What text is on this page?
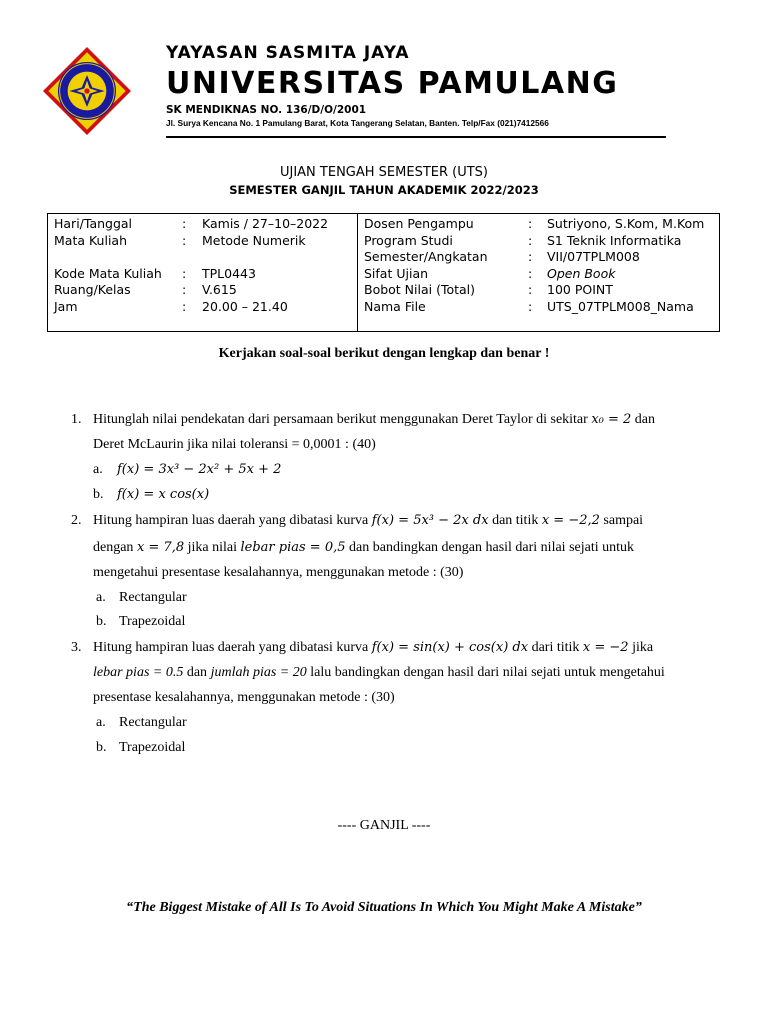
YAYASAN SASMITA JAYA
UNIVERSITAS PAMULANG
SK MENDIKNAS NO. 136/D/O/2001
Jl. Surya Kencana No. 1 Pamulang Barat, Kota Tangerang Selatan, Banten. Telp/Fax (021)7412566
UJIAN TENGAH SEMESTER (UTS)
SEMESTER GANJIL TAHUN AKADEMIK 2022/2023
Hari/Tanggal	: Kamis / 27–10–2022
Mata Kuliah	: Metode Numerik
Kode Mata Kuliah : TPL0443
Ruang/Kelas	: V.615
Jam	: 20.00 – 21.40
Dosen Pengampu	: Sutriyono, S.Kom, M.Kom
Program Studi	: S1 Teknik Informatika
Semester/Angkatan	: VII/07TPLM008
Sifat Ujian	: Open Book
Bobot Nilai (Total)	: 100 POINT
Nama File	: UTS_07TPLM008_Nama
Kerjakan soal-soal berikut dengan lengkap dan benar !
1. Hitunglah nilai pendekatan dari persamaan berikut menggunakan Deret Taylor di sekitar x₀ = 2 dan
Deret McLaurin jika nilai toleransi = 0,0001 : (40)
a. f(x) = 3x³ − 2x² + 5x + 2
b. f(x) = x cos(x)
2. Hitung hampiran luas daerah yang dibatasi kurva f(x) = 5x³ − 2x dx dan titik x = −2,2 sampai
dengan x = 7,8 jika nilai lebar pias = 0,5 dan bandingkan dengan hasil dari nilai sejati untuk
mengetahui presentase kesalahannya, menggunakan metode : (30)
a. Rectangular
b. Trapezoidal
3. Hitung hampiran luas daerah yang dibatasi kurva f(x) = sin(x) + cos(x) dx dari titik x = −2 jika
lebar pias = 0.5 dan jumlah pias = 20 lalu bandingkan dengan hasil dari nilai sejati untuk mengetahui
presentase kesalahannya, menggunakan metode : (30)
a. Rectangular
b. Trapezoidal
---- GANJIL ----
“The Biggest Mistake of All Is To Avoid Situations In Which You Might Make A Mistake”
